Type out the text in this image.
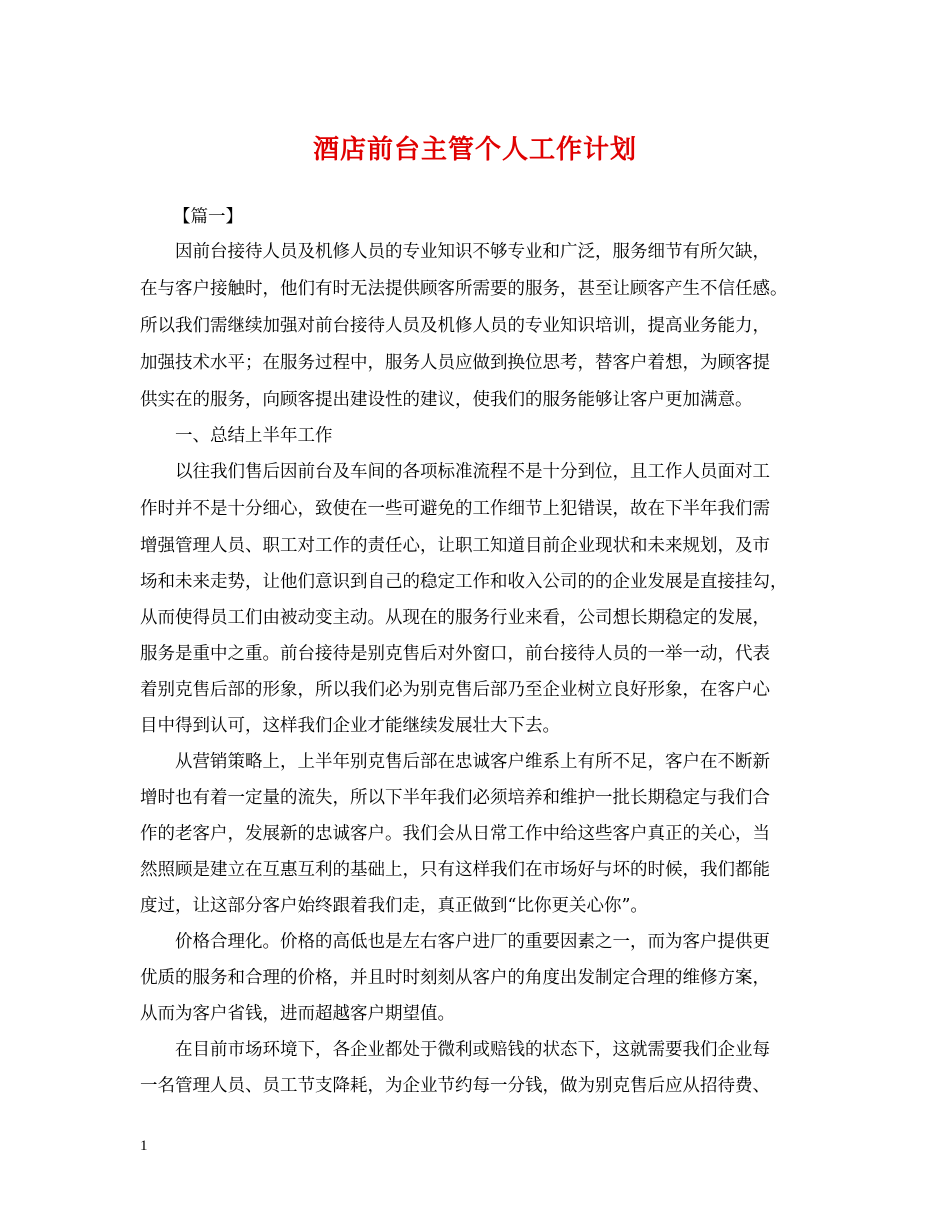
酒店前台主管个人工作计划

【篇一】

因前台接待人员及机修人员的专业知识不够专业和广泛，服务细节有所欠缺，

在与客户接触时，他们有时无法提供顾客所需要的服务，甚至让顾客产生不信任感。

所以我们需继续加强对前台接待人员及机修人员的专业知识培训，提高业务能力，

加强技术水平；在服务过程中，服务人员应做到换位思考，替客户着想，为顾客提

供实在的服务，向顾客提出建设性的建议，使我们的服务能够让客户更加满意。

一、总结上半年工作

以往我们售后因前台及车间的各项标准流程不是十分到位，且工作人员面对工

作时并不是十分细心，致使在一些可避免的工作细节上犯错误，故在下半年我们需

增强管理人员、职工对工作的责任心，让职工知道目前企业现状和未来规划，及市

场和未来走势，让他们意识到自己的稳定工作和收入公司的的企业发展是直接挂勾，

从而使得员工们由被动变主动。从现在的服务行业来看，公司想长期稳定的发展，

服务是重中之重。前台接待是别克售后对外窗口，前台接待人员的一举一动，代表

着别克售后部的形象，所以我们必为别克售后部乃至企业树立良好形象，在客户心

目中得到认可，这样我们企业才能继续发展壮大下去。

从营销策略上，上半年别克售后部在忠诚客户维系上有所不足，客户在不断新

增时也有着一定量的流失，所以下半年我们必须培养和维护一批长期稳定与我们合

作的老客户，发展新的忠诚客户。我们会从日常工作中给这些客户真正的关心，当

然照顾是建立在互惠互利的基础上，只有这样我们在市场好与坏的时候，我们都能

度过，让这部分客户始终跟着我们走，真正做到“比你更关心你”。

价格合理化。价格的高低也是左右客户进厂的重要因素之一，而为客户提供更

优质的服务和合理的价格，并且时时刻刻从客户的角度出发制定合理的维修方案，

从而为客户省钱，进而超越客户期望值。

在目前市场环境下，各企业都处于微利或赔钱的状态下，这就需要我们企业每

一名管理人员、员工节支降耗，为企业节约每一分钱，做为别克售后应从招待费、

1
